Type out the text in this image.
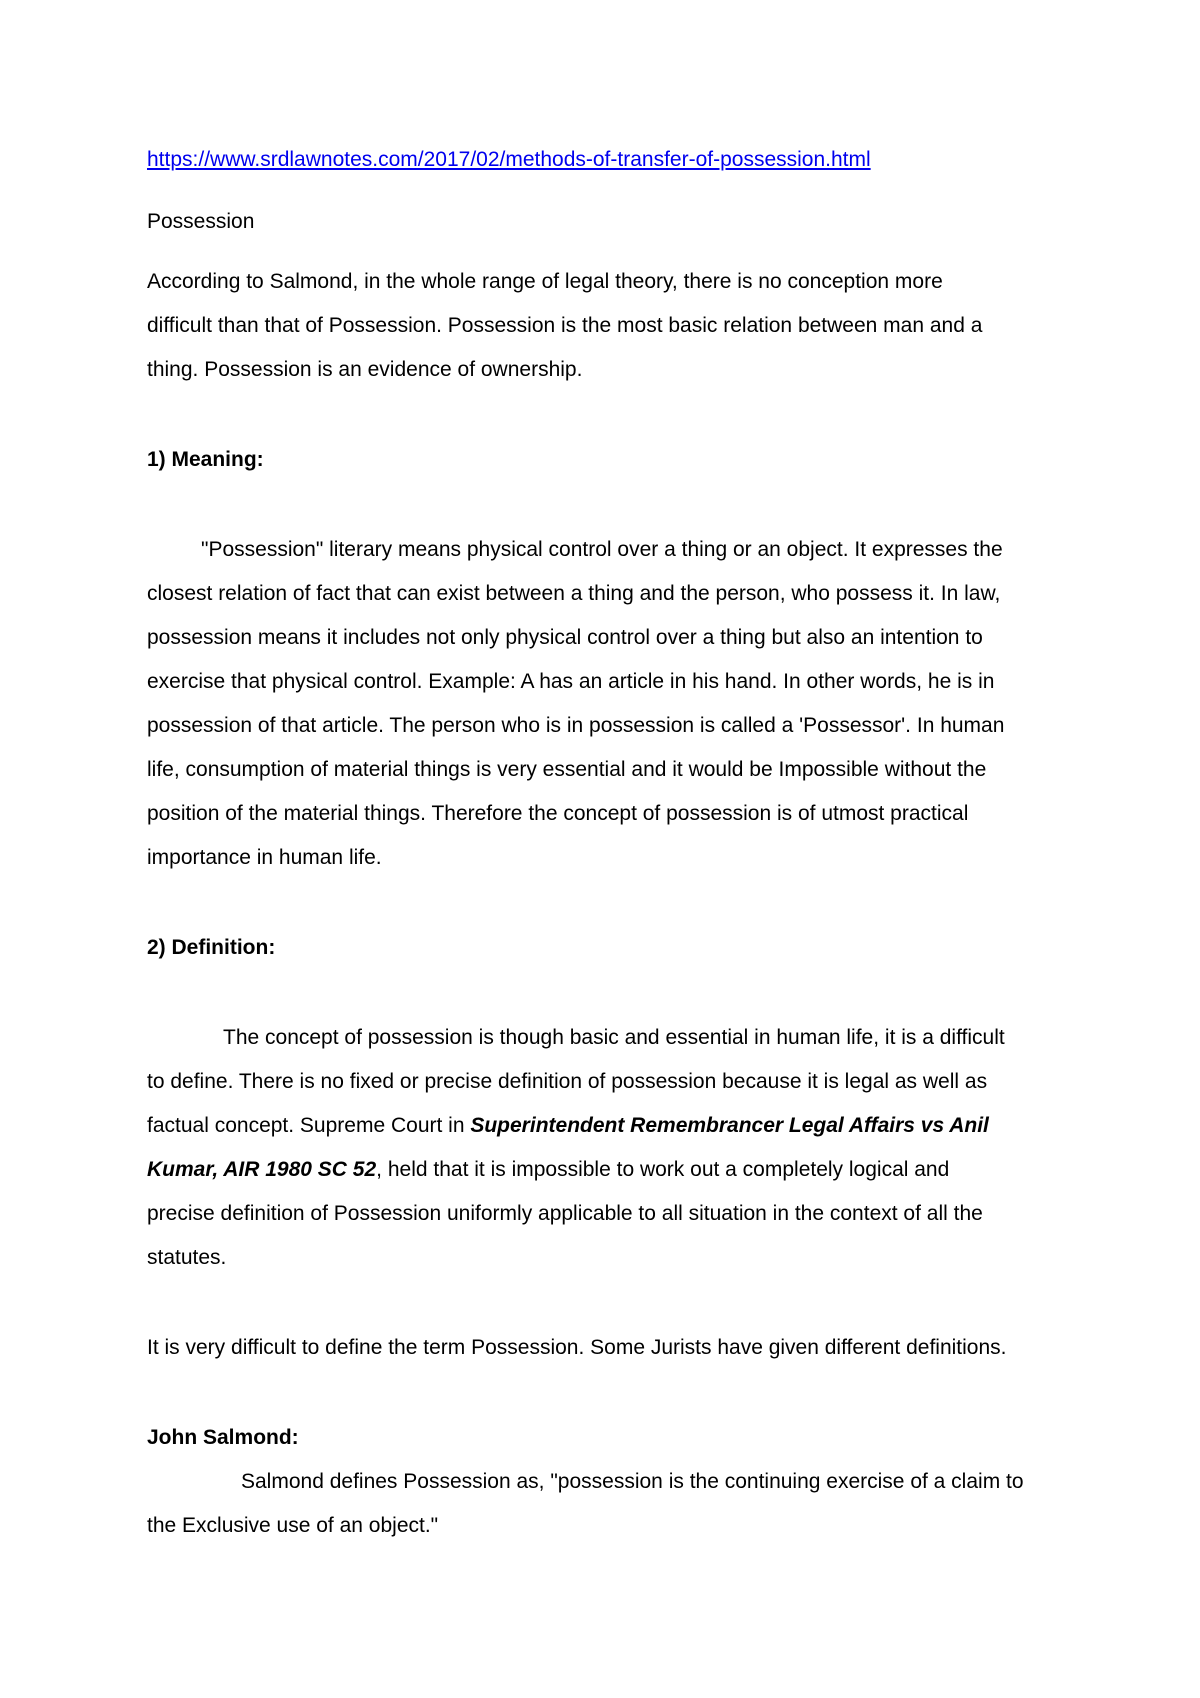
https://www.srdlawnotes.com/2017/02/methods-of-transfer-of-possession.html
Possession
According to Salmond, in the whole range of legal theory, there is no conception more
difficult than that of Possession. Possession is the most basic relation between man and a
thing. Possession is an evidence of ownership.
1) Meaning:
"Possession" literary means physical control over a thing or an object. It expresses the
closest relation of fact that can exist between a thing and the person, who possess it. In law,
possession means it includes not only physical control over a thing but also an intention to
exercise that physical control. Example: A has an article in his hand. In other words, he is in
possession of that article. The person who is in possession is called a 'Possessor'. In human
life, consumption of material things is very essential and it would be Impossible without the
position of the material things. Therefore the concept of possession is of utmost practical
importance in human life.
2) Definition:
The concept of possession is though basic and essential in human life, it is a difficult
to define. There is no fixed or precise definition of possession because it is legal as well as
factual concept. Supreme Court in Superintendent Remembrancer Legal Affairs vs Anil
Kumar, AIR 1980 SC 52, held that it is impossible to work out a completely logical and
precise definition of Possession uniformly applicable to all situation in the context of all the
statutes.
It is very difficult to define the term Possession. Some Jurists have given different definitions.
John Salmond:
Salmond defines Possession as, "possession is the continuing exercise of a claim to
the Exclusive use of an object."
